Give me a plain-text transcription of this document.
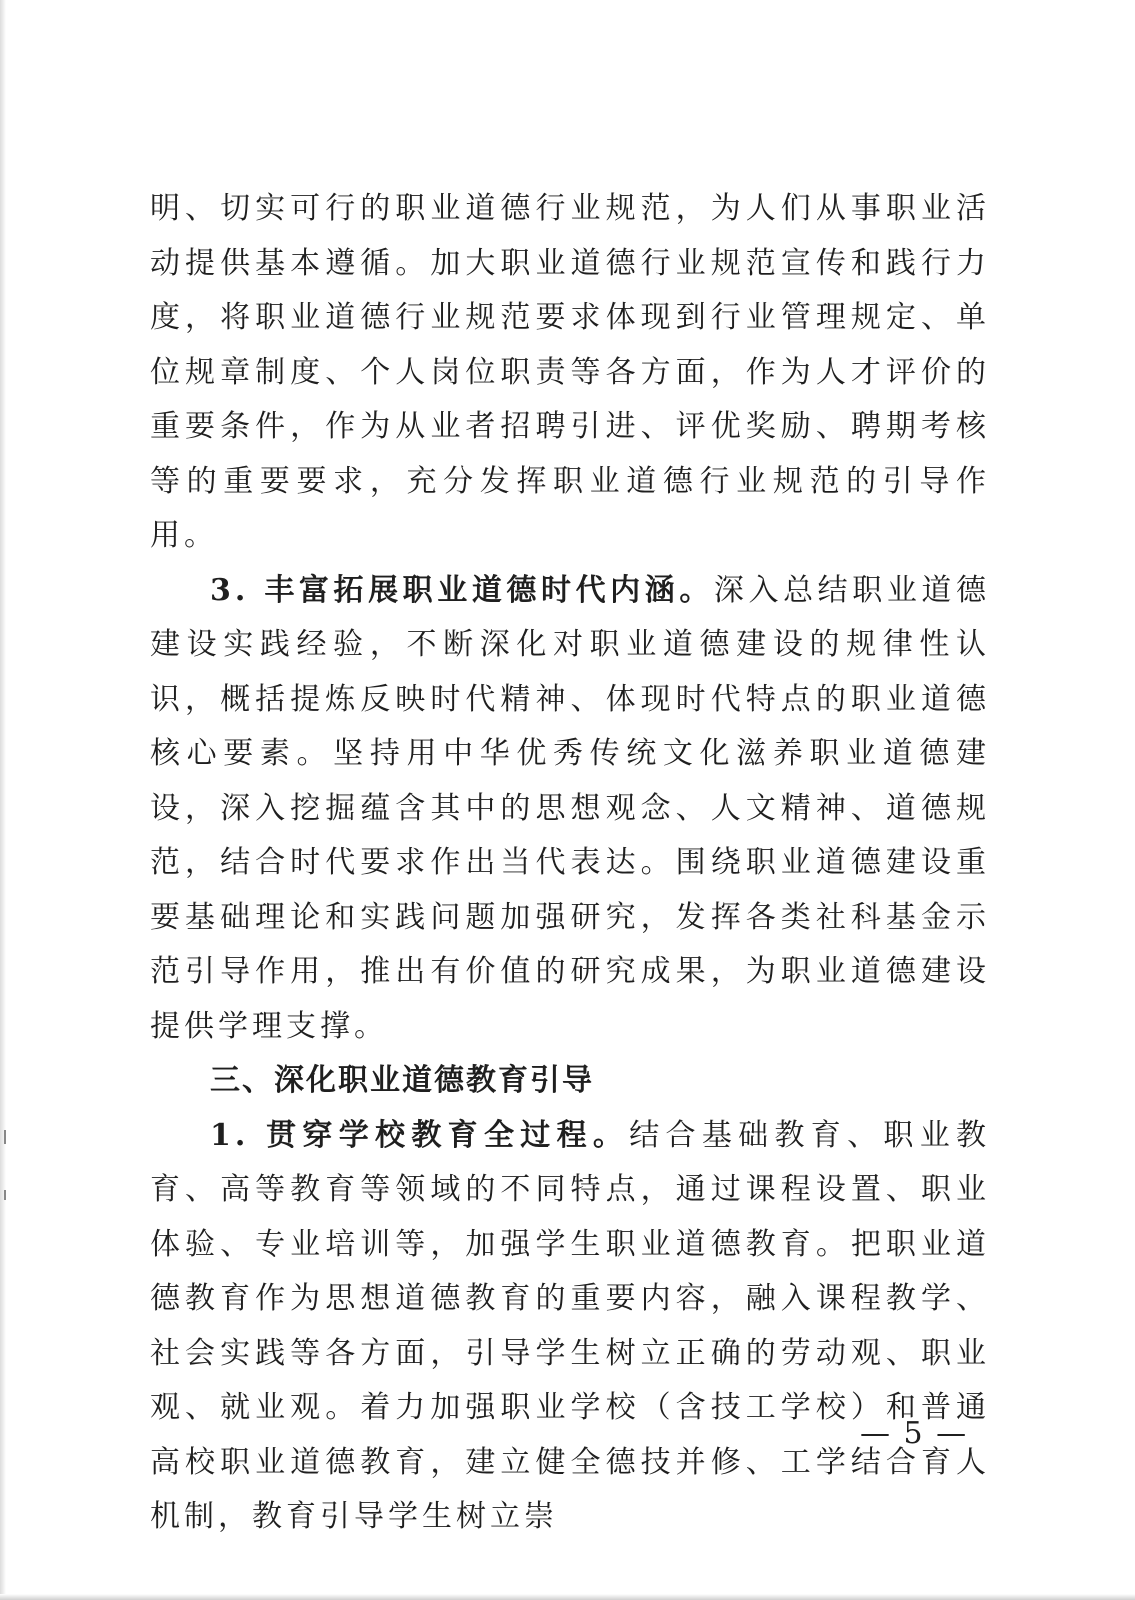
明、切实可行的职业道德行业规范，为人们从事职业活动提供基本遵循。加大职业道德行业规范宣传和践行力度，将职业道德行业规范要求体现到行业管理规定、单位规章制度、个人岗位职责等各方面，作为人才评价的重要条件，作为从业者招聘引进、评优奖励、聘期考核等的重要要求，充分发挥职业道德行业规范的引导作用。

3. 丰富拓展职业道德时代内涵。深入总结职业道德建设实践经验，不断深化对职业道德建设的规律性认识，概括提炼反映时代精神、体现时代特点的职业道德核心要素。坚持用中华优秀传统文化滋养职业道德建设，深入挖掘蕴含其中的思想观念、人文精神、道德规范，结合时代要求作出当代表达。围绕职业道德建设重要基础理论和实践问题加强研究，发挥各类社科基金示范引导作用，推出有价值的研究成果，为职业道德建设提供学理支撑。

三、深化职业道德教育引导

1. 贯穿学校教育全过程。结合基础教育、职业教育、高等教育等领域的不同特点，通过课程设置、职业体验、专业培训等，加强学生职业道德教育。把职业道德教育作为思想道德教育的重要内容，融入课程教学、社会实践等各方面，引导学生树立正确的劳动观、职业观、就业观。着力加强职业学校（含技工学校）和普通高校职业道德教育，建立健全德技并修、工学结合育人机制，教育引导学生树立崇

— 5 —
